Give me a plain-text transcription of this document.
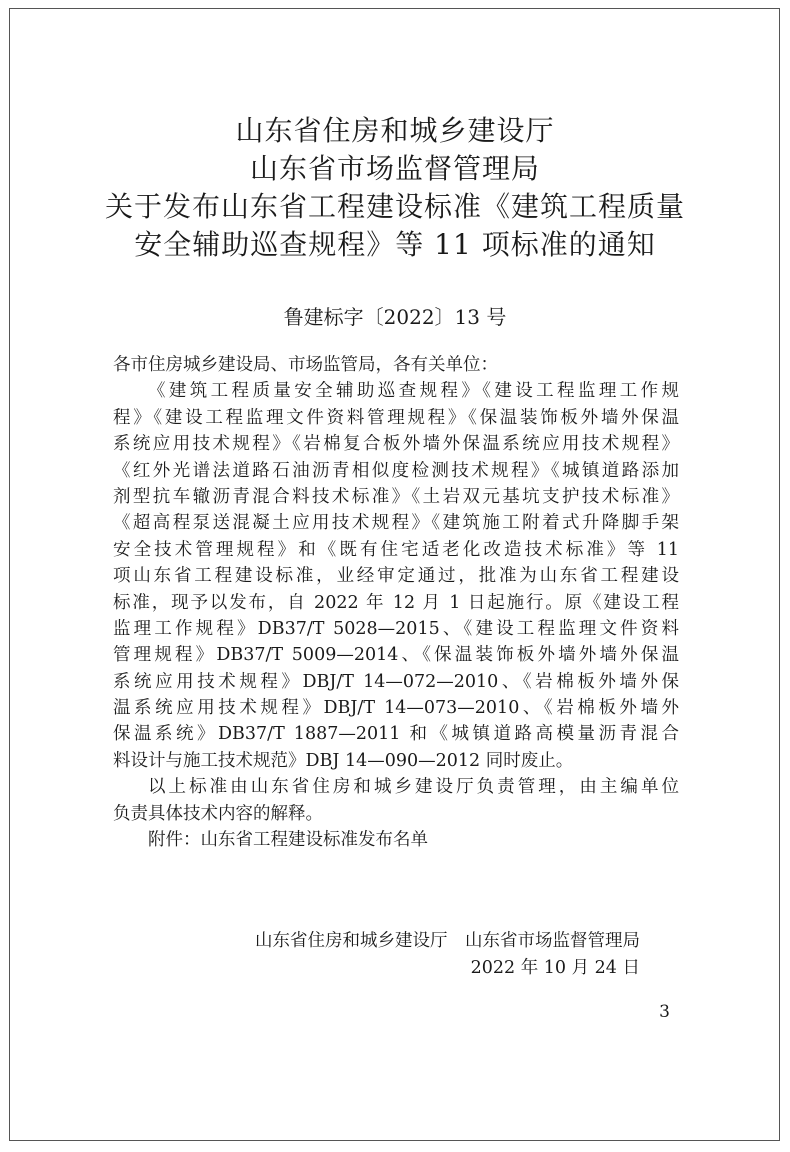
山东省住房和城乡建设厅
山东省市场监督管理局
关于发布山东省工程建设标准《建筑工程质量
安全辅助巡查规程》等 11 项标准的通知
鲁建标字〔2022〕13 号
各市住房城乡建设局、市场监管局，各有关单位：
《建筑工程质量安全辅助巡查规程》《建设工程监理工作规
程》《建设工程监理文件资料管理规程》《保温装饰板外墙外保温
系统应用技术规程》《岩棉复合板外墙外保温系统应用技术规程》
《红外光谱法道路石油沥青相似度检测技术规程》《城镇道路添加
剂型抗车辙沥青混合料技术标准》《土岩双元基坑支护技术标准》
《超高程泵送混凝土应用技术规程》《建筑施工附着式升降脚手架
安全技术管理规程》和《既有住宅适老化改造技术标准》等 11
项山东省工程建设标准，业经审定通过，批准为山东省工程建设
标准，现予以发布，自 2022 年 12 月 1 日起施行。原《建设工程
监理工作规程》DB37/T 5028—2015、《建设工程监理文件资料
管理规程》DB37/T 5009—2014、《保温装饰板外墙外墙外保温
系统应用技术规程》DBJ/T 14—072—2010、《岩棉板外墙外保
温系统应用技术规程》DBJ/T 14—073—2010、《岩棉板外墙外
保温系统》DB37/T 1887—2011 和《城镇道路高模量沥青混合
料设计与施工技术规范》DBJ 14—090—2012 同时废止。
以上标准由山东省住房和城乡建设厅负责管理，由主编单位
负责具体技术内容的解释。
附件：山东省工程建设标准发布名单
山东省住房和城乡建设厅　山东省市场监督管理局
2022 年 10 月 24 日
3
